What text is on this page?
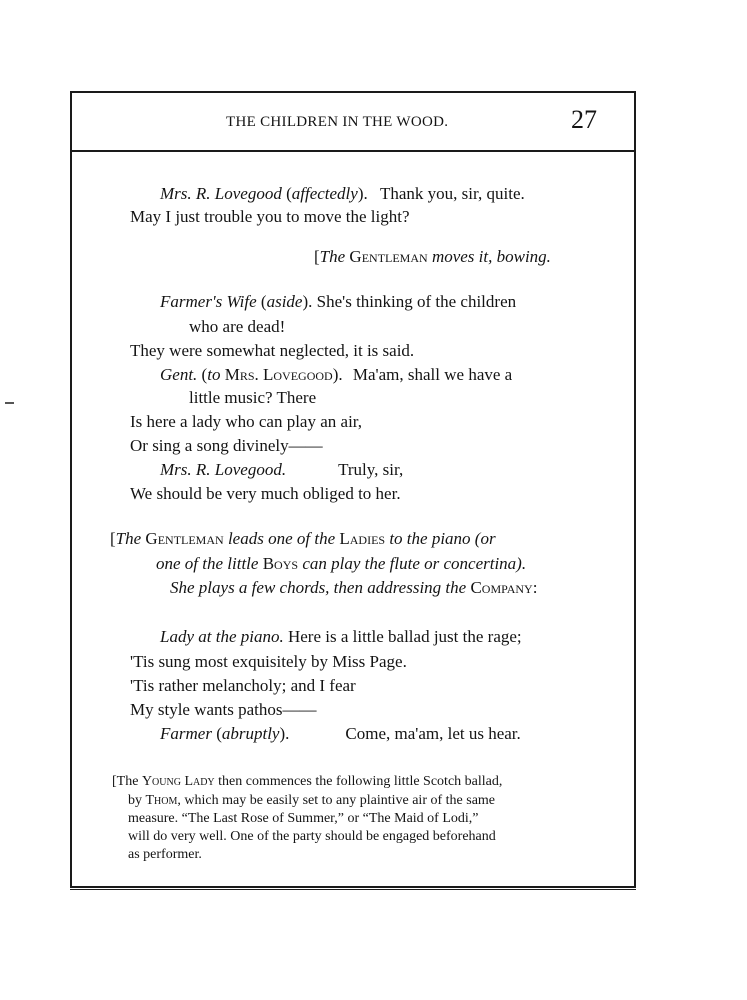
THE CHILDREN IN THE WOOD.	27
Mrs. R. Lovegood (affectedly). Thank you, sir, quite.
May I just trouble you to move the light?
[The Gentleman moves it, bowing.
Farmer's Wife (aside). She's thinking of the children
who are dead!
They were somewhat neglected, it is said.
Gent. (to Mrs. Lovegood). Ma'am, shall we have a
little music? There
Is here a lady who can play an air,
Or sing a song divinely——
Mrs. R. Lovegood.	Truly, sir,
We should be very much obliged to her.
[The Gentleman leads one of the Ladies to the piano (or
one of the little Boys can play the flute or concertina).
She plays a few chords, then addressing the Company:
Lady at the piano. Here is a little ballad just the rage;
'Tis sung most exquisitely by Miss Page.
'Tis rather melancholy; and I fear
My style wants pathos——
Farmer (abruptly).	Come, ma'am, let us hear.
[The Young Lady then commences the following little Scotch ballad,
by Thom, which may be easily set to any plaintive air of the same
measure. “The Last Rose of Summer,” or “The Maid of Lodi,”
will do very well. One of the party should be engaged beforehand
as performer.
